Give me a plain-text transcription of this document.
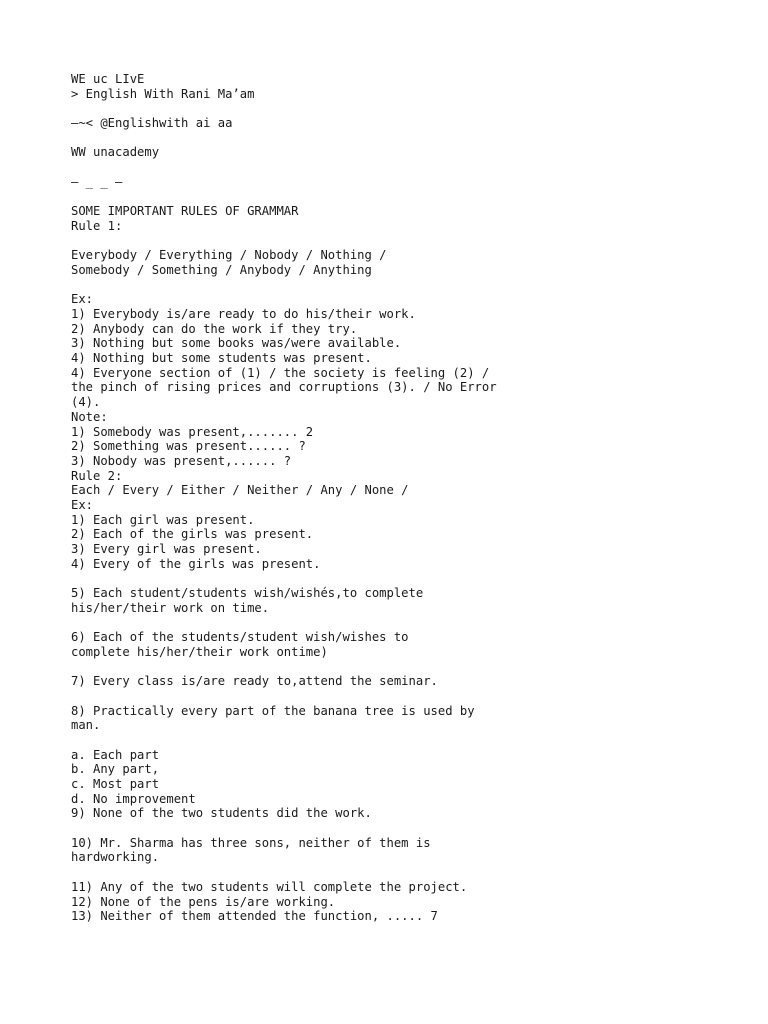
WE uc LIvE
> English With Rani Ma’am
—~< @Englishwith ai aa
WW unacademy
— _ _ —
SOME IMPORTANT RULES OF GRAMMAR
Rule 1:
Everybody / Everything / Nobody / Nothing /
Somebody / Something / Anybody / Anything
Ex:
1) Everybody is/are ready to do his/their work.
2) Anybody can do the work if they try.
3) Nothing but some books was/were available.
4) Nothing but some students was present.
4) Everyone section of (1) / the society is feeling (2) /
the pinch of rising prices and corruptions (3). / No Error
(4).
Note:
1) Somebody was present,....... 2
2) Something was present...... ?
3) Nobody was present,...... ?
Rule 2:
Each / Every / Either / Neither / Any / None /
Ex:
1) Each girl was present.
2) Each of the girls was present.
3) Every girl was present.
4) Every of the girls was present.
5) Each student/students wish/wishés,to complete
his/her/their work on time.
6) Each of the students/student wish/wishes to
complete his/her/their work ontime)
7) Every class is/are ready to,attend the seminar.
8) Practically every part of the banana tree is used by
man.
a. Each part
b. Any part,
c. Most part
d. No improvement
9) None of the two students did the work.
10) Mr. Sharma has three sons, neither of them is
hardworking.
11) Any of the two students will complete the project.
12) None of the pens is/are working.
13) Neither of them attended the function, ..... 7
